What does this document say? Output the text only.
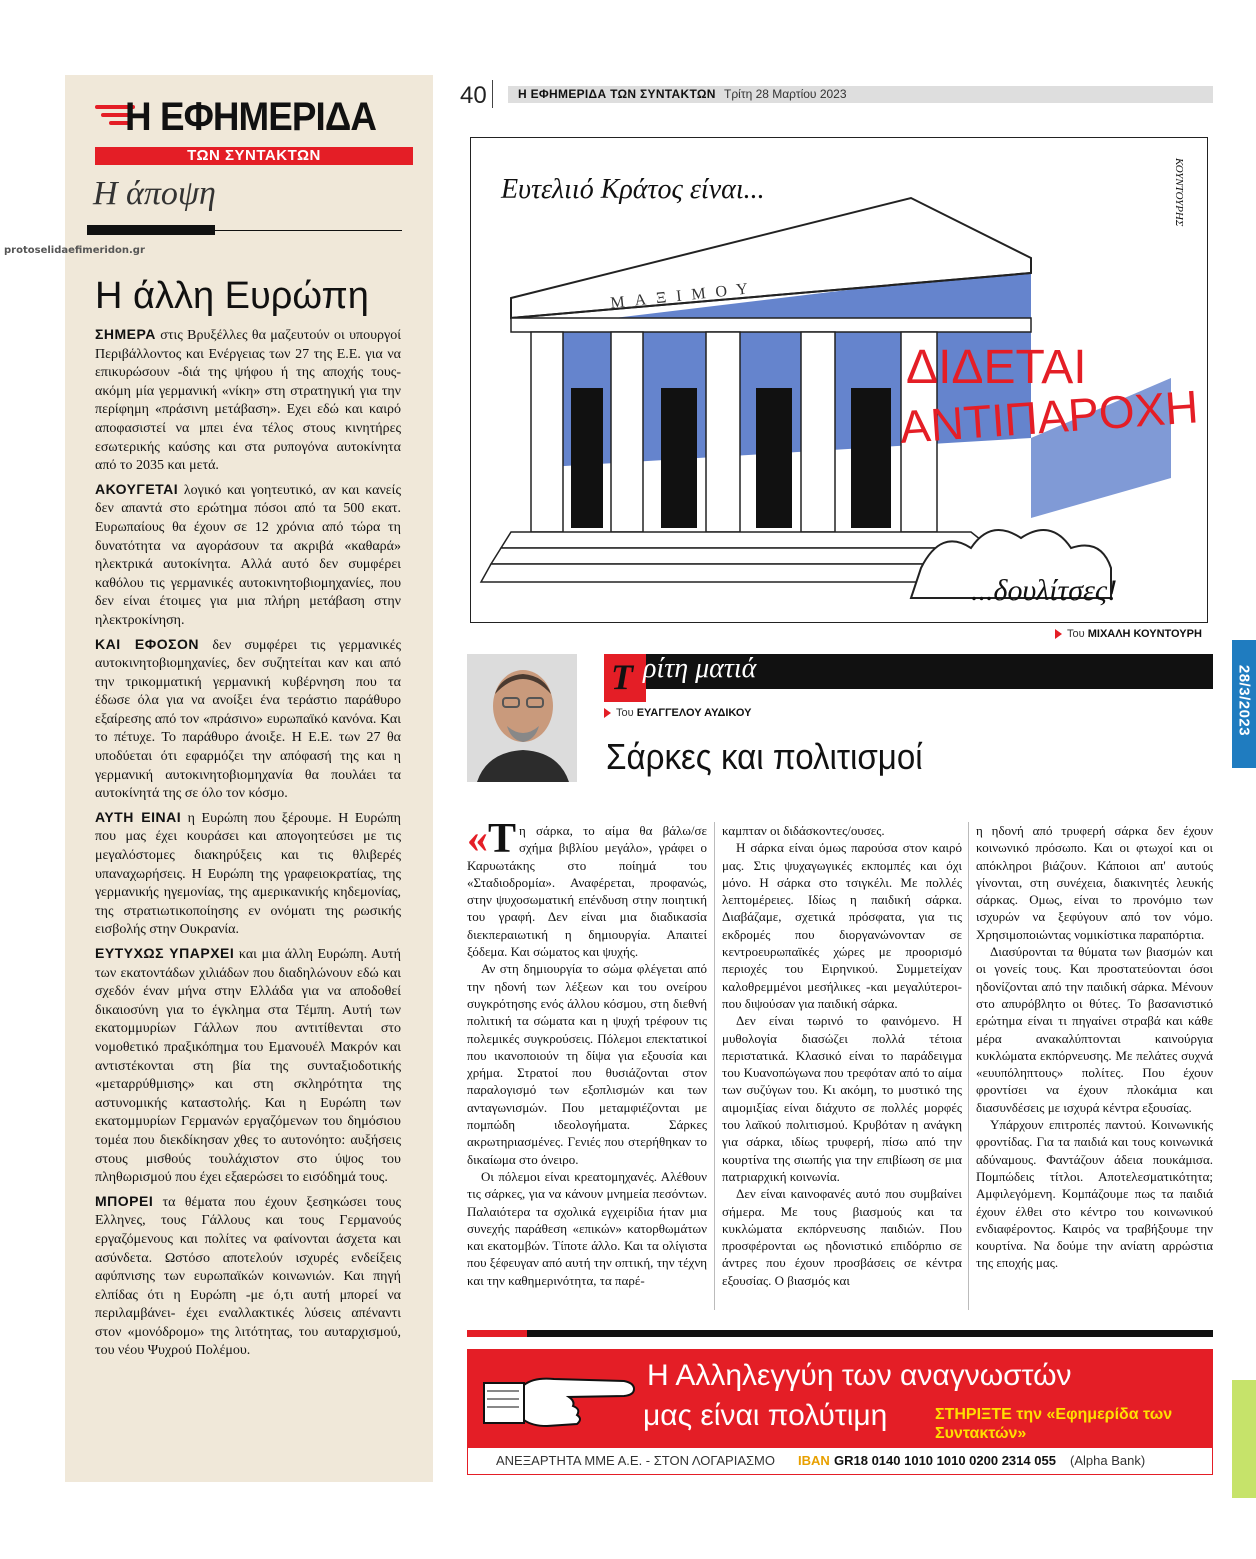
Η ΕΦΗΜΕΡΙΔΑ
ΤΩΝ ΣΥΝΤΑΚΤΩΝ
Η άποψη
Η άλλη Ευρώπη

ΣΗΜΕΡΑ στις Βρυξέλλες θα μαζευτούν οι υπουργοί Περιβάλλοντος και Ενέργειας των 27 της Ε.Ε. για να επικυρώσουν -διά της ψήφου ή της αποχής τους- ακόμη μία γερμανική «νίκη» στη στρατηγική για την περίφημη «πράσινη μετάβαση». Εχει εδώ και καιρό αποφασιστεί να μπει ένα τέλος στους κινητήρες εσωτερικής καύσης και στα ρυπογόνα αυτοκίνητα από το 2035 και μετά.

ΑΚΟΥΓΕΤΑΙ λογικό και γοητευτικό, αν και κανείς δεν απαντά στο ερώτημα πόσοι από τα 500 εκατ. Ευρωπαίους θα έχουν σε 12 χρόνια από τώρα τη δυνατότητα να αγοράσουν τα ακριβά «καθαρά» ηλεκτρικά αυτοκίνητα. Αλλά αυτό δεν συμφέρει καθόλου τις γερμανικές αυτοκινητοβιομηχανίες, που δεν είναι έτοιμες για μια πλήρη μετάβαση στην ηλεκτροκίνηση.

ΚΑΙ ΕΦΟΣΟΝ δεν συμφέρει τις γερμανικές αυτοκινητοβιομηχανίες, δεν συζητείται καν και από την τρικομματική γερμανική κυβέρνηση που τα έδωσε όλα για να ανοίξει ένα τεράστιο παράθυρο εξαίρεσης από τον «πράσινο» ευρωπαϊκό κανόνα. Και το πέτυχε. Το παράθυρο άνοιξε. Η Ε.Ε. των 27 θα υποδύεται ότι εφαρμόζει την απόφασή της και η γερμανική αυτοκινητοβιομηχανία θα πουλάει τα αυτοκίνητά της σε όλο τον κόσμο.

ΑΥΤΗ ΕΙΝΑΙ η Ευρώπη που ξέρουμε. Η Ευρώπη που μας έχει κουράσει και απογοητεύσει με τις μεγαλόστομες διακηρύξεις και τις θλιβερές υπαναχωρήσεις. Η Ευρώπη της γραφειοκρατίας, της γερμανικής ηγεμονίας, της αμερικανικής κηδεμονίας, της στρατιωτικοποίησης εν ονόματι της ρωσικής εισβολής στην Ουκρανία.

ΕΥΤΥΧΩΣ ΥΠΑΡΧΕΙ και μια άλλη Ευρώπη. Αυτή των εκατοντάδων χιλιάδων που διαδηλώνουν εδώ και σχεδόν έναν μήνα στην Ελλάδα για να αποδοθεί δικαιοσύνη για το έγκλημα στα Τέμπη. Αυτή των εκατομμυρίων Γάλλων που αντιτίθενται στο νομοθετικό πραξικόπημα του Εμανουέλ Μακρόν και αντιστέκονται στη βία της συνταξιοδοτικής «μεταρρύθμισης» και στη σκληρότητα της αστυνομικής καταστολής. Και η Ευρώπη των εκατομμυρίων Γερμανών εργαζόμενων του δημόσιου τομέα που διεκδίκησαν χθες το αυτονόητο: αυξήσεις στους μισθούς τουλάχιστον στο ύψος του πληθωρισμού που έχει εξαερώσει το εισόδημά τους.

ΜΠΟΡΕΙ τα θέματα που έχουν ξεσηκώσει τους Ελληνες, τους Γάλλους και τους Γερμανούς εργαζόμενους και πολίτες να φαίνονται άσχετα και ασύνδετα. Ωστόσο αποτελούν ισχυρές ενδείξεις αφύπνισης των ευρωπαϊκών κοινωνιών. Και πηγή ελπίδας ότι η Ευρώπη -με ό,τι αυτή μπορεί να περιλαμβάνει- έχει εναλλακτικές λύσεις απέναντι στον «μονόδρομο» της λιτότητας, του αυταρχισμού, του νέου Ψυχρού Πολέμου.

protoselidaefimeridon.gr
40	Η ΕΦΗΜΕΡΙΔΑ ΤΩΝ ΣΥΝΤΑΚΤΩΝ Τρίτη 28 Μαρτίου 2023
Ευτελιιό Κράτος είναι...
ΜΑΞΙΜΟΥ
ΔΙΔΕΤΑΙ
ΑΝΤΙΠΑΡΟΧΗ
...δουλίτσες!
ΚΟΥΝΤΟΥΡΗΣ
Του ΜΙΧΑΛΗ ΚΟΥΝΤΟΥΡΗ
28/3/2023
Τ ρίτη ματιά
Του ΕΥΑΓΓΕΛΟΥ ΑΥΔΙΚΟΥ
Σάρκες και πολιτισμοί

«Τ η σάρκα, το αίμα θα βάλω/σε σχήμα βιβλίου μεγάλο», γράφει ο Καρυωτάκης στο ποίημά του «Σταδιοδρομία». Αναφέρεται, προφανώς, στην ψυχοσωματική επένδυση στην ποιητική του γραφή. Δεν είναι μια διαδικασία διεκπεραιωτική η δημιουργία. Απαιτεί ξόδεμα. Και σώματος και ψυχής.

Αν στη δημιουργία το σώμα φλέγεται από την ηδονή των λέξεων και του ονείρου συγκρότησης ενός άλλου κόσμου, στη διεθνή πολιτική τα σώματα και η ψυχή τρέφουν τις πολεμικές συγκρούσεις. Πόλεμοι επεκτατικοί που ικανοποιούν τη δίψα για εξουσία και χρήμα. Στρατοί που θυσιάζονται στον παραλογισμό των εξοπλισμών και των ανταγωνισμών. Που μεταμφιέζονται με πομπώδη ιδεολογήματα. Σάρκες ακρωτηριασμένες. Γενιές που στερήθηκαν το δικαίωμα στο όνειρο.

Οι πόλεμοι είναι κρεατομηχανές. Αλέθουν τις σάρκες, για να κάνουν μνημεία πεσόντων. Παλαιότερα τα σχολικά εγχειρίδια ήταν μια συνεχής παράθεση «επικών» κατορθωμάτων και εκατομβών. Τίποτε άλλο. Και τα ολίγιστα που ξέφευγαν από αυτή την οπτική, την τέχνη και την καθημερινότητα, τα παρέ-

καμπταν οι διδάσκοντες/ουσες.

Η σάρκα είναι όμως παρούσα στον καιρό μας. Στις ψυχαγωγικές εκπομπές και όχι μόνο. Η σάρκα στο τσιγκέλι. Με πολλές λεπτομέρειες. Ιδίως η παιδική σάρκα. Διαβάζαμε, σχετικά πρόσφατα, για τις εκδρομές που διοργανώνονταν σε κεντροευρωπαϊκές χώρες με προορισμό περιοχές του Ειρηνικού. Συμμετείχαν καλοθρεμμένοι μεσήλικες -και μεγαλύτεροι- που διψούσαν για παιδική σάρκα.

Δεν είναι τωρινό το φαινόμενο. Η μυθολογία διασώζει πολλά τέτοια περιστατικά. Κλασικό είναι το παράδειγμα του Κυανοπώγωνα που τρεφόταν από το αίμα των συζύγων του. Κι ακόμη, το μυστικό της αιμομιξίας είναι διάχυτο σε πολλές μορφές του λαϊκού πολιτισμού. Κρυβόταν η ανάγκη για σάρκα, ιδίως τρυφερή, πίσω από την κουρτίνα της σιωπής για την επιβίωση σε μια πατριαρχική κοινωνία.

Δεν είναι καινοφανές αυτό που συμβαίνει σήμερα. Με τους βιασμούς και τα κυκλώματα εκπόρνευσης παιδιών. Που προσφέρονται ως ηδονιστικό επιδόρπιο σε άντρες που έχουν προσβάσεις σε κέντρα εξουσίας. Ο βιασμός και

η ηδονή από τρυφερή σάρκα δεν έχουν κοινωνικό πρόσωπο. Και οι φτωχοί και οι απόκληροι βιάζουν. Κάποιοι απ' αυτούς γίνονται, στη συνέχεια, διακινητές λευκής σάρκας. Ομως, είναι το προνόμιο των ισχυρών να ξεφύγουν από τον νόμο. Χρησιμοποιώντας νομικίστικα παραπόρτια.

Διασύρονται τα θύματα των βιασμών και οι γονείς τους. Και προστατεύονται όσοι ηδονίζονται από την παιδική σάρκα. Μένουν στο απυρόβλητο οι θύτες. Το βασανιστικό ερώτημα είναι τι πηγαίνει στραβά και κάθε μέρα ανακαλύπτονται καινούργια κυκλώματα εκπόρνευσης. Με πελάτες συχνά «ευυπόληπτους» πολίτες. Που έχουν φροντίσει να έχουν πλοκάμια και διασυνδέσεις με ισχυρά κέντρα εξουσίας.

Υπάρχουν επιτροπές παντού. Κοινωνικής φροντίδας. Για τα παιδιά και τους κοινωνικά αδύναμους. Φαντάζουν άδεια πουκάμισα. Πομπώδεις τίτλοι. Αποτελεσματικότητα; Αμφιλεγόμενη. Κομπάζουμε πως τα παιδιά έχουν έλθει στο κέντρο του κοινωνικού ενδιαφέροντος. Καιρός να τραβήξουμε την κουρτίνα. Να δούμε την ανίατη αρρώστια της εποχής μας.

Η Αλληλεγγύη των αναγνωστών
μας είναι πολύτιμη	ΣΤΗΡΙΞΤΕ την «Εφημερίδα των Συντακτών»
ΑΝΕΞΑΡΤΗΤΑ ΜΜΕ Α.Ε. - ΣΤΟΝ ΛΟΓΑΡΙΑΣΜΟ IBAN GR18 0140 1010 1010 0200 2314 055 (Alpha Bank)
